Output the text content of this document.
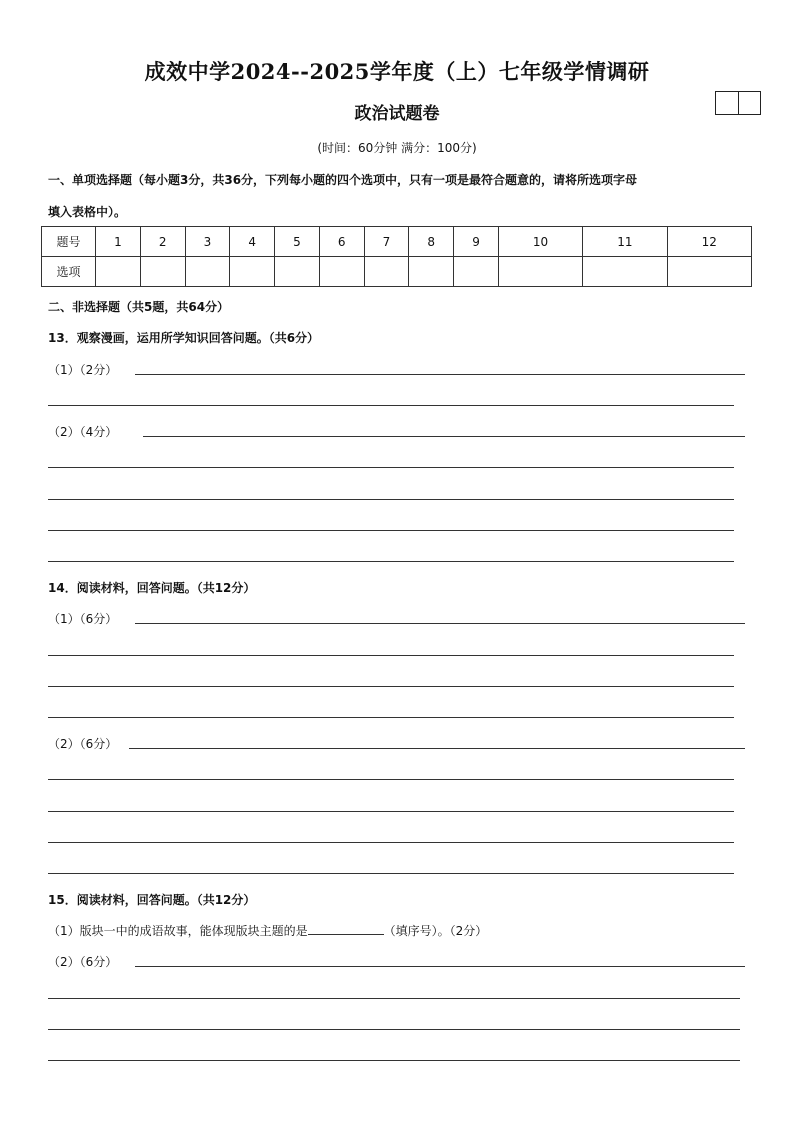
成效中学2024--2025学年度（上）七年级学情调研
政治试题卷
(时间：60分钟 满分：100分)
一、单项选择题（每小题3分，共36分，下列每小题的四个选项中，只有一项是最符合题意的，请将所选项字母
填入表格中）。
题号	1	2	3	4	5	6	7	8	9	10	11	12
选项												
二、非选择题（共5题，共64分）
13．观察漫画，运用所学知识回答问题。（共6分）
（1）（2分）
（2）（4分）
14．阅读材料，回答问题。（共12分）
（1）（6分）
（2）（6分）
15．阅读材料，回答问题。（共12分）
（1）版块一中的成语故事，能体现版块主题的是	（填序号）。（2分）
（2）（6分）
